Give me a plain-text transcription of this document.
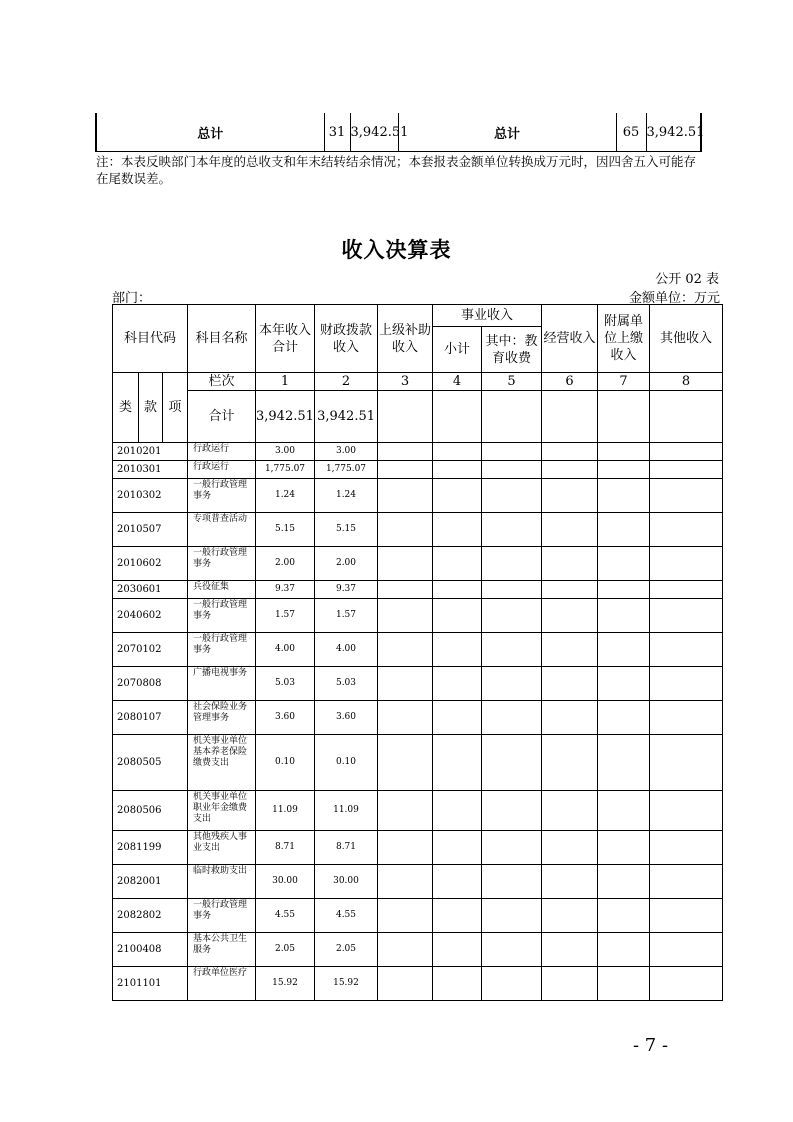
总计	31	3,942.51	总计	65	3,942.51
注：本表反映部门本年度的总收支和年末结转结余情况；本套报表金额单位转换成万元时，因四舍五入可能存在尾数误差。
收入决算表
公开 02 表
部门：	金额单位：万元
科目代码			科目名称	本年收入合计	财政拨款收入	上级补助收入	事业收入		经营收入	附属单位上缴收入	其他收入
							小计	其中：教育收费			
类	款	项	栏次	1	2	3	4	5	6	7	8
			合计	3,942.51	3,942.51						
2010201			行政运行	3.00	3.00						
2010301			行政运行	1,775.07	1,775.07						
2010302			一般行政管理事务	1.24	1.24						
2010507			专项普查活动	5.15	5.15						
2010602			一般行政管理事务	2.00	2.00						
2030601			兵役征集	9.37	9.37						
2040602			一般行政管理事务	1.57	1.57						
2070102			一般行政管理事务	4.00	4.00						
2070808			广播电视事务	5.03	5.03						
2080107			社会保险业务管理事务	3.60	3.60						
2080505			机关事业单位基本养老保险缴费支出	0.10	0.10						
2080506			机关事业单位职业年金缴费支出	11.09	11.09						
2081199			其他残疾人事业支出	8.71	8.71						
2082001			临时救助支出	30.00	30.00						
2082802			一般行政管理事务	4.55	4.55						
2100408			基本公共卫生服务	2.05	2.05						
2101101			行政单位医疗	15.92	15.92						
- 7 -
